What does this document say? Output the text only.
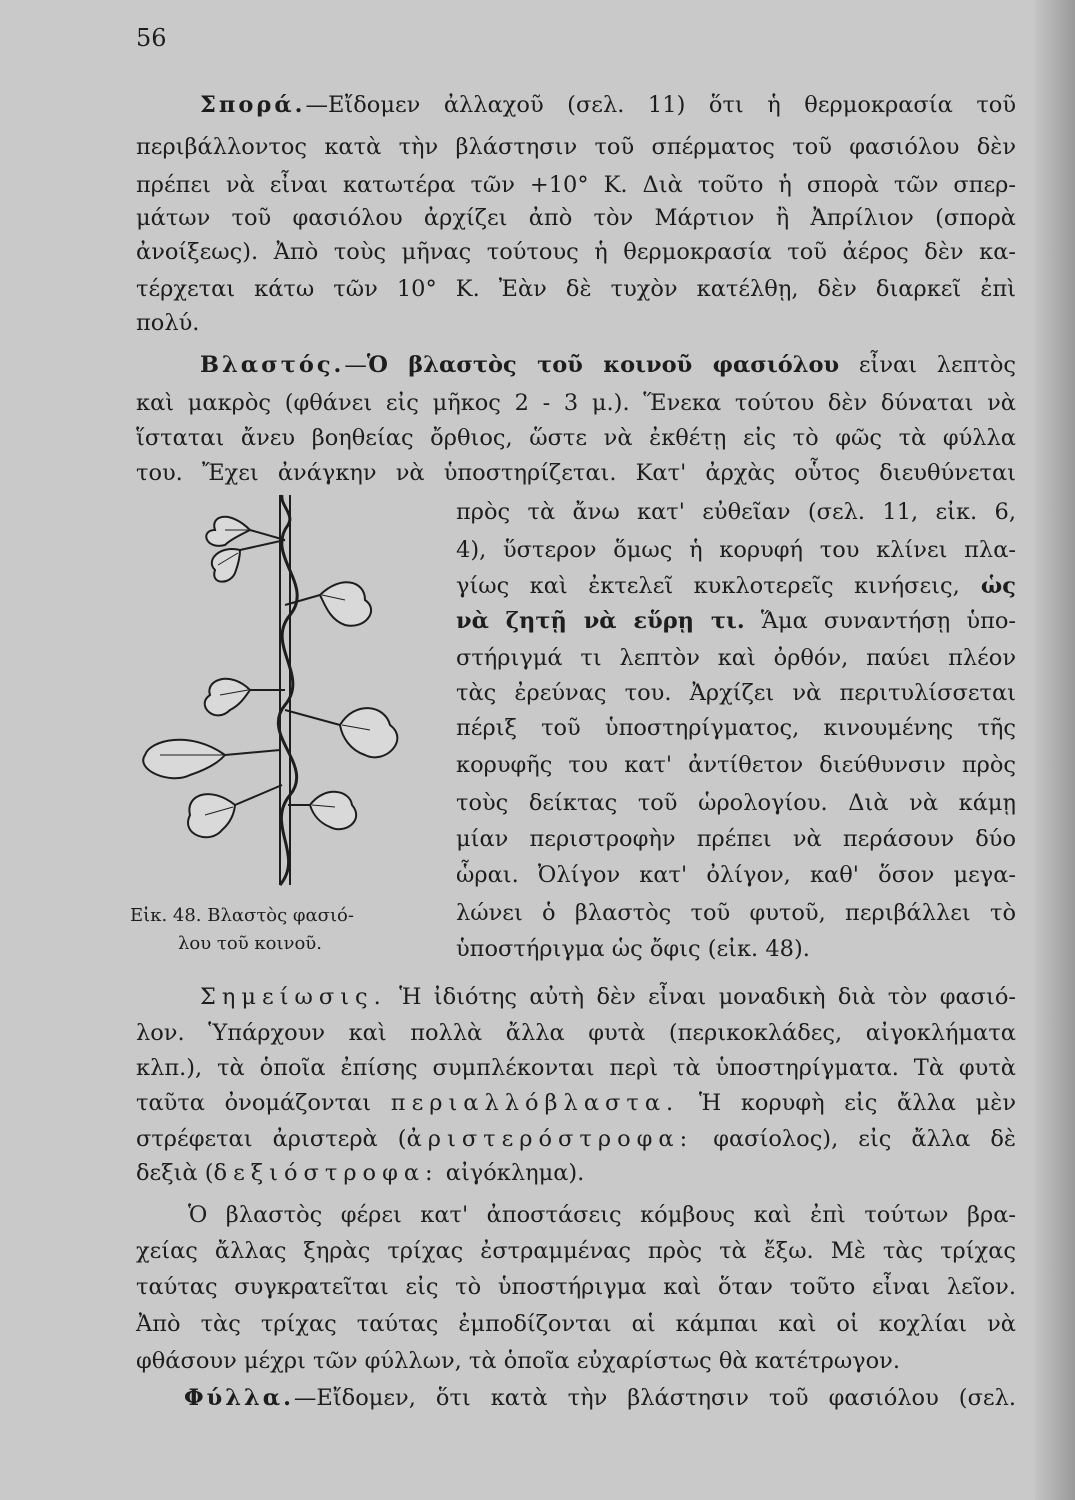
56
Σπορά.—Εἴδομεν ἀλλαχοῦ (σελ. 11) ὅτι ἡ θερμοκρασία τοῦ
περιβάλλοντος κατὰ τὴν βλάστησιν τοῦ σπέρματος τοῦ φασιόλου δὲν
πρέπει νὰ εἶναι κατωτέρα τῶν +10° Κ. Διὰ τοῦτο ἡ σπορὰ τῶν σπερ-
μάτων τοῦ φασιόλου ἀρχίζει ἀπὸ τὸν Μάρτιον ἢ Ἀπρίλιον (σπορὰ
ἀνοίξεως). Ἀπὸ τοὺς μῆνας τούτους ἡ θερμοκρασία τοῦ ἀέρος δὲν κα-
τέρχεται κάτω τῶν 10° Κ. Ἐὰν δὲ τυχὸν κατέλθῃ, δὲν διαρκεῖ ἐπὶ
πολύ.
Βλαστός.—Ὁ βλαστὸς τοῦ κοινοῦ φασιόλου εἶναι λεπτὸς
καὶ μακρὸς (φθάνει εἰς μῆκος 2 - 3 μ.). Ἕνεκα τούτου δὲν δύναται νὰ
ἵσταται ἄνευ βοηθείας ὄρθιος, ὥστε νὰ ἐκθέτῃ εἰς τὸ φῶς τὰ φύλλα
του. Ἔχει ἀνάγκην νὰ ὑποστηρίζεται. Κατ' ἀρχὰς οὗτος διευθύνεται
πρὸς τὰ ἄνω κατ' εὐθεῖαν (σελ. 11, εἰκ. 6,
4), ὕστερον ὅμως ἡ κορυφή του κλίνει πλα-
γίως καὶ ἐκτελεῖ κυκλοτερεῖς κινήσεις, ὡς
νὰ ζητῇ νὰ εὕρῃ τι. Ἅμα συναντήσῃ ὑπο-
στήριγμά τι λεπτὸν καὶ ὀρθόν, παύει πλέον
τὰς ἐρεύνας του. Ἀρχίζει νὰ περιτυλίσσεται
πέριξ τοῦ ὑποστηρίγματος, κινουμένης τῆς
κορυφῆς του κατ' ἀντίθετον διεύθυνσιν πρὸς
τοὺς δείκτας τοῦ ὡρολογίου. Διὰ νὰ κάμῃ
μίαν περιστροφὴν πρέπει νὰ περάσουν δύο
ὧραι. Ὀλίγον κατ' ὀλίγον, καθ' ὅσον μεγα-
λώνει ὁ βλαστὸς τοῦ φυτοῦ, περιβάλλει τὸ
ὑποστήριγμα ὡς ὄφις (εἰκ. 48).
Εἰκ. 48. Βλαστὸς φασιό-
λου τοῦ κοινοῦ.
Σημείωσις. Ἡ ἰδιότης αὐτὴ δὲν εἶναι μοναδικὴ διὰ τὸν φασιό-
λον. Ὑπάρχουν καὶ πολλὰ ἄλλα φυτὰ (περικοκλάδες, αἰγοκλήματα
κλπ.), τὰ ὁποῖα ἐπίσης συμπλέκονται περὶ τὰ ὑποστηρίγματα. Τὰ φυτὰ
ταῦτα ὀνομάζονται περιαλλόβλαστα. Ἡ κορυφὴ εἰς ἄλλα μὲν
στρέφεται ἀριστερὰ (ἀριστερόστροφα: φασίολος), εἰς ἄλλα δὲ
δεξιὰ (δεξιόστροφα: αἰγόκλημα).
Ὁ βλαστὸς φέρει κατ' ἀποστάσεις κόμβους καὶ ἐπὶ τούτων βρα-
χείας ἄλλας ξηρὰς τρίχας ἐστραμμένας πρὸς τὰ ἔξω. Μὲ τὰς τρίχας
ταύτας συγκρατεῖται εἰς τὸ ὑποστήριγμα καὶ ὅταν τοῦτο εἶναι λεῖον.
Ἀπὸ τὰς τρίχας ταύτας ἐμποδίζονται αἱ κάμπαι καὶ οἱ κοχλίαι νὰ
φθάσουν μέχρι τῶν φύλλων, τὰ ὁποῖα εὐχαρίστως θὰ κατέτρωγον.
Φύλλα.—Εἴδομεν, ὅτι κατὰ τὴν βλάστησιν τοῦ φασιόλου (σελ.
